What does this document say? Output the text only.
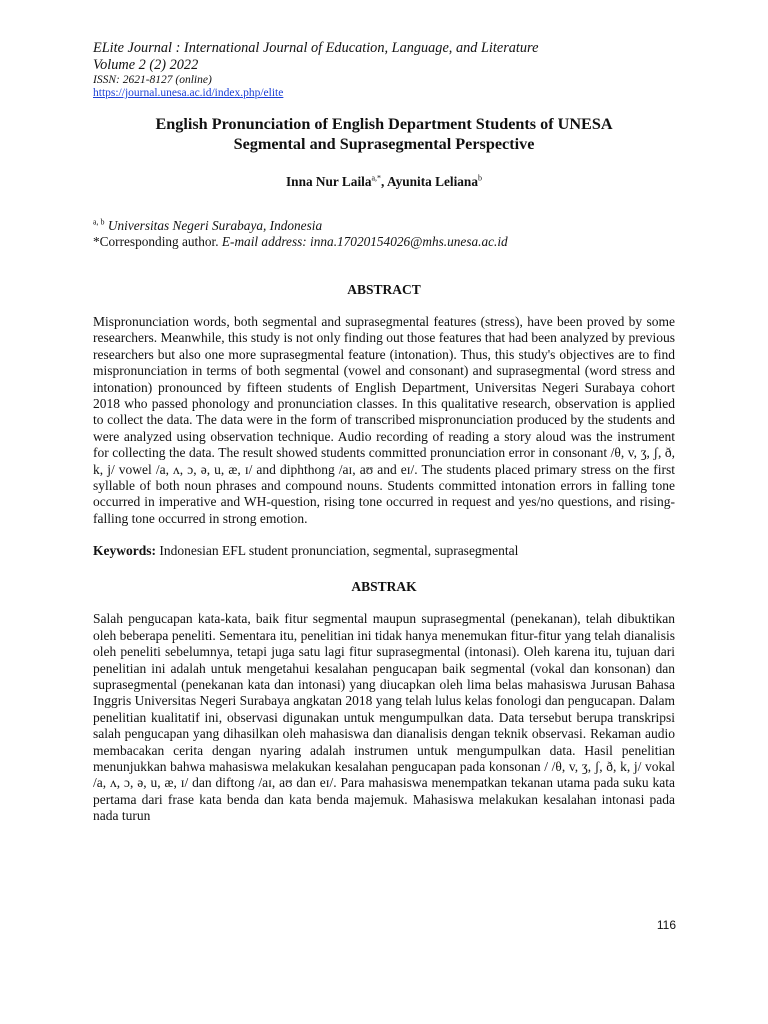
ELite Journal : International Journal of Education, Language, and Literature

Volume 2 (2) 2022

ISSN: 2621-8127 (online)

https://journal.unesa.ac.id/index.php/elite

English Pronunciation of English Department Students of UNESA
Segmental and Suprasegmental Perspective

Inna Nur Laila$^{a,*}$, Ayunita Leliana$^b$

$^{a, b}$ Universitas Negeri Surabaya, Indonesia

*Corresponding author. E-mail address: inna.17020154026@mhs.unesa.ac.id

ABSTRACT

Mispronunciation words, both segmental and suprasegmental features (stress), have been proved by some researchers. Meanwhile, this study is not only finding out those features that had been analyzed by previous researchers but also one more suprasegmental feature (intonation). Thus, this study's objectives are to find mispronunciation in terms of both segmental (vowel and consonant) and suprasegmental (word stress and intonation) pronounced by fifteen students of English Department, Universitas Negeri Surabaya cohort 2018 who passed phonology and pronunciation classes. In this qualitative research, observation is applied to collect the data. The data were in the form of transcribed mispronunciation produced by the students and were analyzed using observation technique. Audio recording of reading a story aloud was the instrument for collecting the data. The result showed students committed pronunciation error in consonant /θ, v, ʒ, ʃ, ð, k, j/ vowel /a, ʌ, ɔ, ə, u, æ, ɪ/ and diphthong /aɪ, aʊ and eɪ/. The students placed primary stress on the first syllable of both noun phrases and compound nouns. Students committed intonation errors in falling tone occurred in imperative and WH-question, rising tone occurred in request and yes/no questions, and rising-falling tone occurred in strong emotion.

Keywords: Indonesian EFL student pronunciation, segmental, suprasegmental

ABSTRAK

Salah pengucapan kata-kata, baik fitur segmental maupun suprasegmental (penekanan), telah dibuktikan oleh beberapa peneliti. Sementara itu, penelitian ini tidak hanya menemukan fitur-fitur yang telah dianalisis oleh peneliti sebelumnya, tetapi juga satu lagi fitur suprasegmental (intonasi). Oleh karena itu, tujuan dari penelitian ini adalah untuk mengetahui kesalahan pengucapan baik segmental (vokal dan konsonan) dan suprasegmental (penekanan kata dan intonasi) yang diucapkan oleh lima belas mahasiswa Jurusan Bahasa Inggris Universitas Negeri Surabaya angkatan 2018 yang telah lulus kelas fonologi dan pengucapan. Dalam penelitian kualitatif ini, observasi digunakan untuk mengumpulkan data. Data tersebut berupa transkripsi salah pengucapan yang dihasilkan oleh mahasiswa dan dianalisis dengan teknik observasi. Rekaman audio membacakan cerita dengan nyaring adalah instrumen untuk mengumpulkan data. Hasil penelitian menunjukkan bahwa mahasiswa melakukan kesalahan pengucapan pada konsonan / /θ, v, ʒ, ʃ, ð, k, j/ vokal /a, ʌ, ɔ, ə, u, æ, ɪ/ dan diftong /aɪ, aʊ dan eɪ/. Para mahasiswa menempatkan tekanan utama pada suku kata pertama dari frase kata benda dan kata benda majemuk. Mahasiswa melakukan kesalahan intonasi pada nada turun

116
